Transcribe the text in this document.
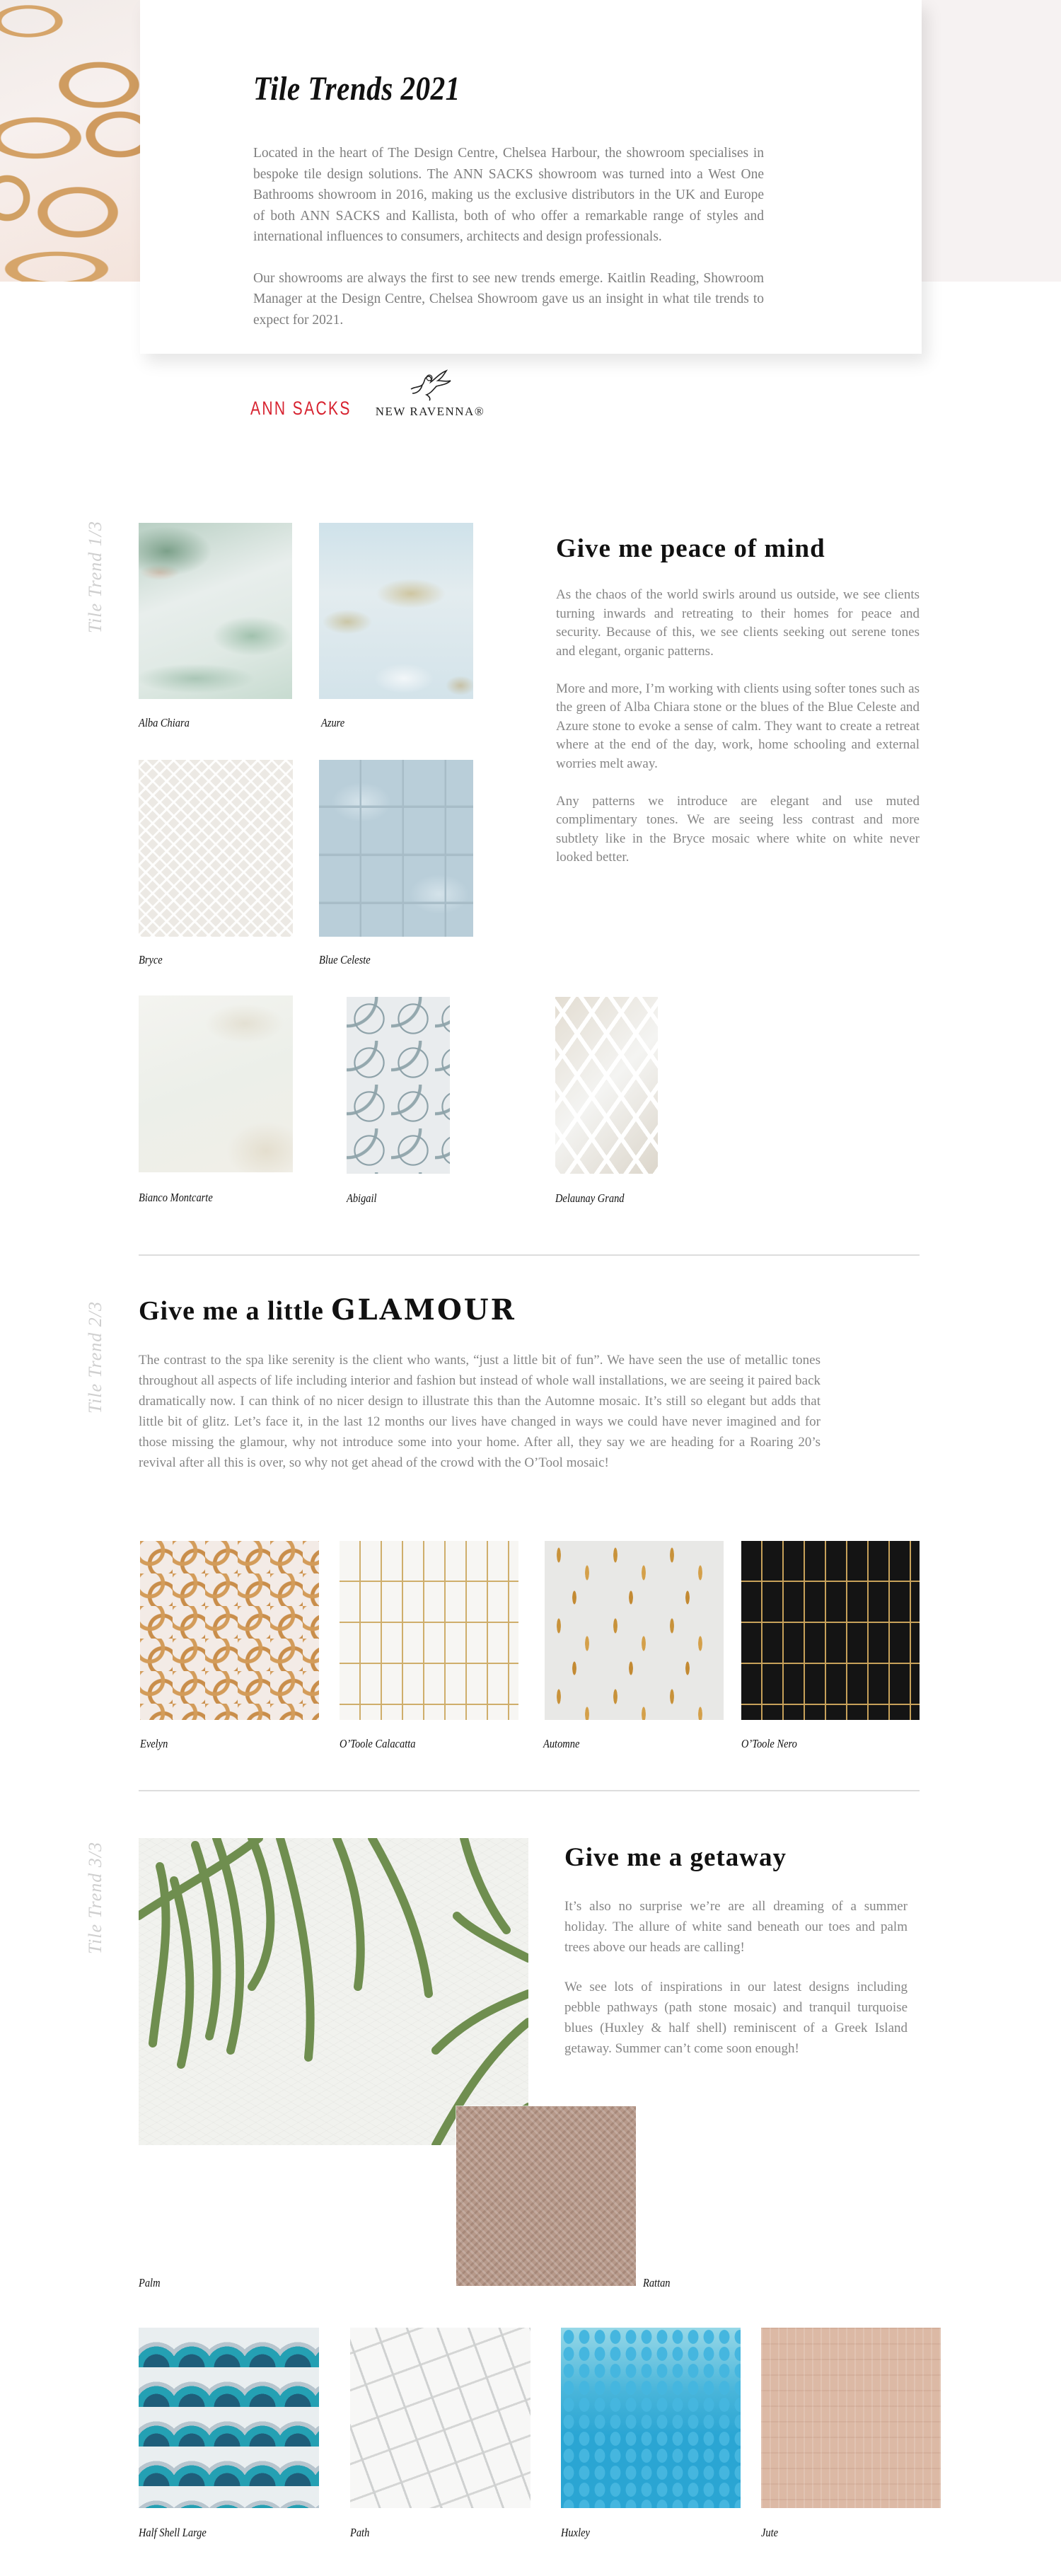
Tile Trends 2021

Located in the heart of The Design Centre, Chelsea Harbour, the showroom specialises in bespoke tile design solutions. The ANN SACKS showroom was turned into a West One Bathrooms showroom in 2016, making us the exclusive distributors in the UK and Europe of both ANN SACKS and Kallista, both of who offer a remarkable range of styles and international influences to consumers, architects and design professionals.

Our showrooms are always the first to see new trends emerge. Kaitlin Reading, Showroom Manager at the Design Centre, Chelsea Showroom gave us an insight in what tile trends to expect for 2021.

ANN SACKS NEW RAVENNA®
Tile Trend 1/3
Alba Chiara	Azure
Bryce	Blue Celeste
Bianco Montcarte	Abigail	Delaunay Grand
Give me peace of mind

As the chaos of the world swirls around us outside, we see clients turning inwards and retreating to their homes for peace and security. Because of this, we see clients seeking out serene tones and elegant, organic patterns.

More and more, I’m working with clients using softer tones such as the green of Alba Chiara stone or the blues of the Blue Celeste and Azure stone to evoke a sense of calm. They want to create a retreat where at the end of the day, work, home schooling and external worries melt away.

Any patterns we introduce are elegant and use muted complimentary tones. We are seeing less contrast and more subtlety like in the Bryce mosaic where white on white never looked better.

Tile Trend 2/3 Give me a little GLAMOUR

The contrast to the spa like serenity is the client who wants, “just a little bit of fun”. We have seen the use of metallic tones throughout all aspects of life including interior and fashion but instead of whole wall installations, we are seeing it paired back dramatically now. I can think of no nicer design to illustrate this than the Automne mosaic. It’s still so elegant but adds that little bit of glitz. Let’s face it, in the last 12 months our lives have changed in ways we could have never imagined and for those missing the glamour, why not introduce some into your home. After all, they say we are heading for a Roaring 20’s revival after all this is over, so why not get ahead of the crowd with the O’Tool mosaic!

Evelyn	O’Toole Calacatta	Automne	O’Toole Nero
Tile Trend 3/3
Palm	Rattan
Give me a getaway

It’s also no surprise we’re are all dreaming of a summer holiday. The allure of white sand beneath our toes and palm trees above our heads are calling!

We see lots of inspirations in our latest designs including pebble pathways (path stone mosaic) and tranquil turquoise blues (Huxley & half shell) reminiscent of a Greek Island getaway. Summer can’t come soon enough!

Half Shell Large	Path	Huxley	Jute
